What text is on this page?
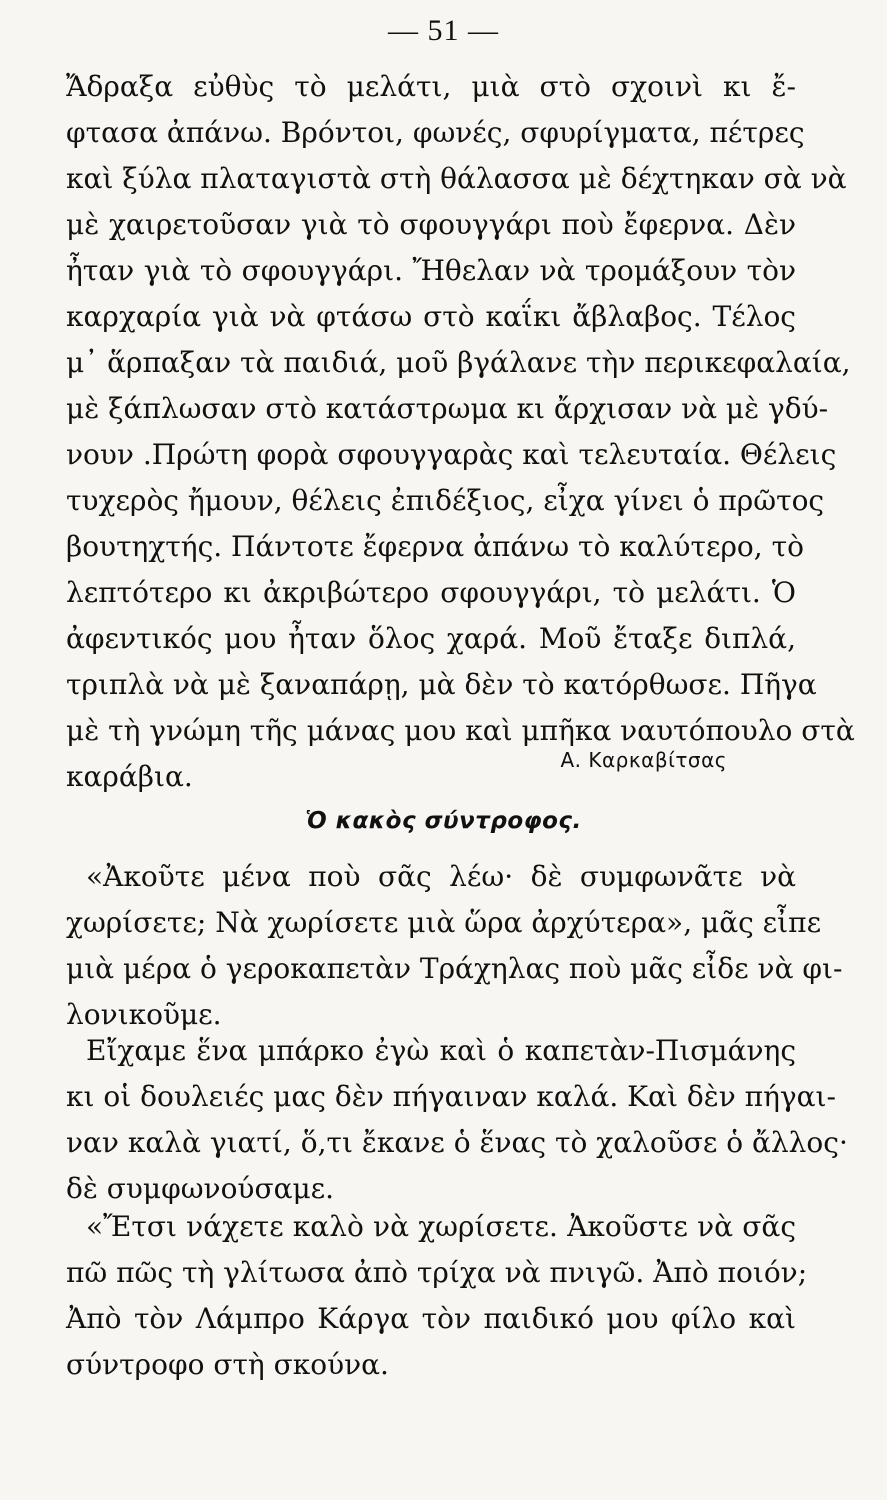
— 51 —
Ἄδραξα εὐθὺς τὸ μελάτι, μιὰ στὸ σχοινὶ κι ἔ-
φτασα ἀπάνω. Βρόντοι, φωνές, σφυρίγματα, πέτρες
καὶ ξύλα πλαταγιστὰ στὴ θάλασσα μὲ δέχτηκαν σὰ νὰ
μὲ χαιρετοῦσαν γιὰ τὸ σφουγγάρι ποὺ ἔφερνα. Δὲν
ἦταν γιὰ τὸ σφουγγάρι. Ἤθελαν νὰ τρομάξουν τὸν
καρχαρία γιὰ νὰ φτάσω στὸ καΐκι ἄβλαβος. Τέλος
μ᾽ ἅρπαξαν τὰ παιδιά, μοῦ βγάλανε τὴν περικεφαλαία,
μὲ ξάπλωσαν στὸ κατάστρωμα κι ἄρχισαν νὰ μὲ γδύ-
νουν .Πρώτη φορὰ σφουγγαρὰς καὶ τελευταία. Θέλεις
τυχερὸς ἤμουν, θέλεις ἐπιδέξιος, εἶχα γίνει ὁ πρῶτος
βουτηχτής. Πάντοτε ἔφερνα ἀπάνω τὸ καλύτερο, τὸ
λεπτότερο κι ἀκριβώτερο σφουγγάρι, τὸ μελάτι. Ὁ
ἀφεντικός μου ἦταν ὅλος χαρά. Μοῦ ἔταξε διπλά,
τριπλὰ νὰ μὲ ξαναπάρῃ, μὰ δὲν τὸ κατόρθωσε. Πῆγα
μὲ τὴ γνώμη τῆς μάνας μου καὶ μπῆκα ναυτόπουλο στὰ
καράβια.	Α. Καρκαβίτσας
Ὁ κακὸς σύντροφος.
«Ἀκοῦτε μένα ποὺ σᾶς λέω· δὲ συμφωνᾶτε νὰ
χωρίσετε; Νὰ χωρίσετε μιὰ ὥρα ἀρχύτερα», μᾶς εἶπε
μιὰ μέρα ὁ γεροκαπετὰν Τράχηλας ποὺ μᾶς εἶδε νὰ φι-
λονικοῦμε.
Εἴχαμε ἕνα μπάρκο ἐγὼ καὶ ὁ καπετὰν-Πισμάνης
κι οἱ δουλειές μας δὲν πήγαιναν καλά. Καὶ δὲν πήγαι-
ναν καλὰ γιατί, ὅ,τι ἔκανε ὁ ἕνας τὸ χαλοῦσε ὁ ἄλλος·
δὲ συμφωνούσαμε.
«Ἔτσι νάχετε καλὸ νὰ χωρίσετε. Ἀκοῦστε νὰ σᾶς
πῶ πῶς τὴ γλίτωσα ἀπὸ τρίχα νὰ πνιγῶ. Ἀπὸ ποιόν;
Ἀπὸ τὸν Λάμπρο Κάργα τὸν παιδικό μου φίλο καὶ
σύντροφο στὴ σκούνα.
